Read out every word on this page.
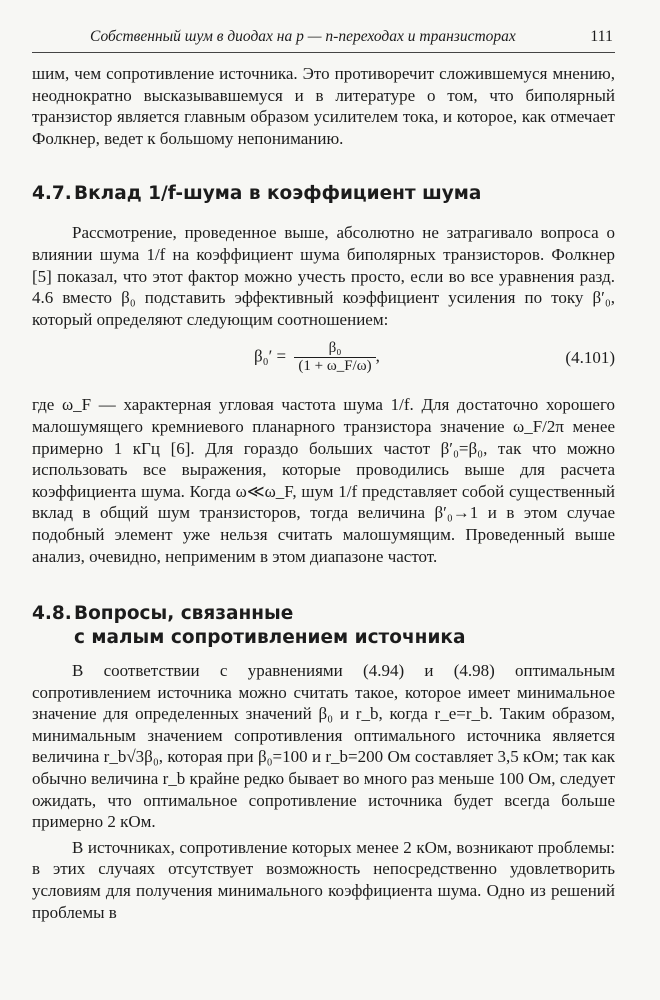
Собственный шум в диодах на p — n-переходах и транзисторах	111

шим, чем сопротивление источника. Это противоречит сложившемуся мнению, неоднократно высказывавшемуся и в литературе о том, что биполярный транзистор является главным образом усилителем тока, и которое, как отмечает Фолкнер, ведет к большому непониманию.

4.7. Вклад 1/f-шума в коэффициент шума

Рассмотрение, проведенное выше, абсолютно не затрагивало вопроса о влиянии шума 1/f на коэффициент шума биполярных транзисторов. Фолкнер [5] показал, что этот фактор можно учесть просто, если во все уравнения разд. 4.6 вместо β₀ подставить эффективный коэффициент усиления по току β′₀, который определяют следующим соотношением:

$\beta_0' = \frac{\text{β₀}}{(1 + \omega\_F/\omega)}$ ,	(4.101)

где ω_F — характерная угловая частота шума 1/f. Для достаточно хорошего малошумящего кремниевого планарного транзистора значение ω_F/2π менее примерно 1 кГц [6]. Для гораздо больших частот β′₀=β₀, так что можно использовать все выражения, которые проводились выше для расчета коэффициента шума. Когда ω≪ω_F, шум 1/f представляет собой существенный вклад в общий шум транзисторов, тогда величина β′₀→1 и в этом случае подобный элемент уже нельзя считать малошумящим. Проведенный выше анализ, очевидно, неприменим в этом диапазоне частот.

4.8. Вопросы, связанные
с малым сопротивлением источника

В соответствии с уравнениями (4.94) и (4.98) оптимальным сопротивлением источника можно считать такое, которое имеет минимальное значение для определенных значений β₀ и r_b, когда r_e=r_b. Таким образом, минимальным значением сопротивления оптимального источника является величина r_b√3β₀, которая при β₀=100 и r_b=200 Ом составляет 3,5 кОм; так как обычно величина r_b крайне редко бывает во много раз меньше 100 Ом, следует ожидать, что оптимальное сопротивление источника будет всегда больше примерно 2 кОм.

В источниках, сопротивление которых менее 2 кОм, возникают проблемы: в этих случаях отсутствует возможность непосредственно удовлетворить условиям для получения минимального коэффициента шума. Одно из решений проблемы в
